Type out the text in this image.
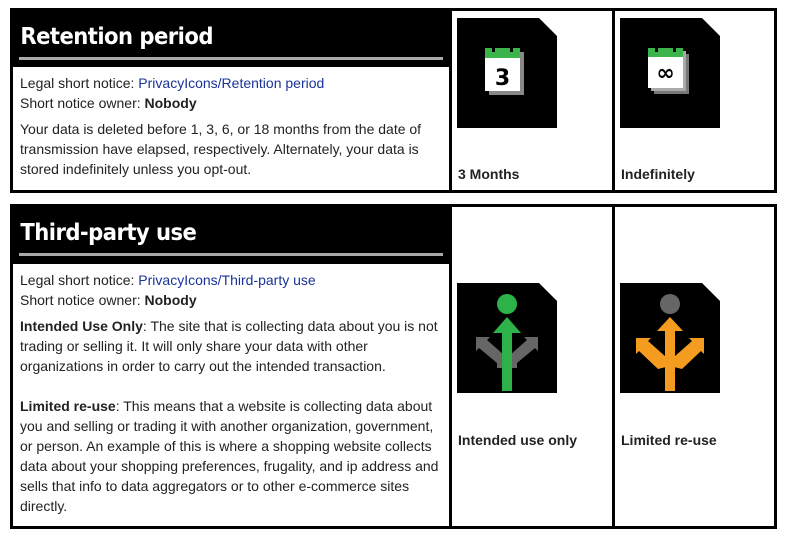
Retention period

Legal short notice: PrivacyIcons/Retention period

Short notice owner: Nobody

Your data is deleted before 1, 3, 6, or 18 months from the date of transmission have elapsed, respectively. Alternately, your data is stored indefinitely unless you opt-out.

3
3 Months
∞
Indefinitely
Third-party use

Legal short notice: PrivacyIcons/Third-party use

Short notice owner: Nobody

Intended Use Only: The site that is collecting data about you is not trading or selling it. It will only share your data with other organizations in order to carry out the intended transaction.

Limited re-use: This means that a website is collecting data about you and selling or trading it with another organization, government, or person. An example of this is where a shopping website collects data about your shopping preferences, frugality, and ip address and sells that info to data aggregators or to other e-commerce sites directly.

Intended use only	Limited re-use
